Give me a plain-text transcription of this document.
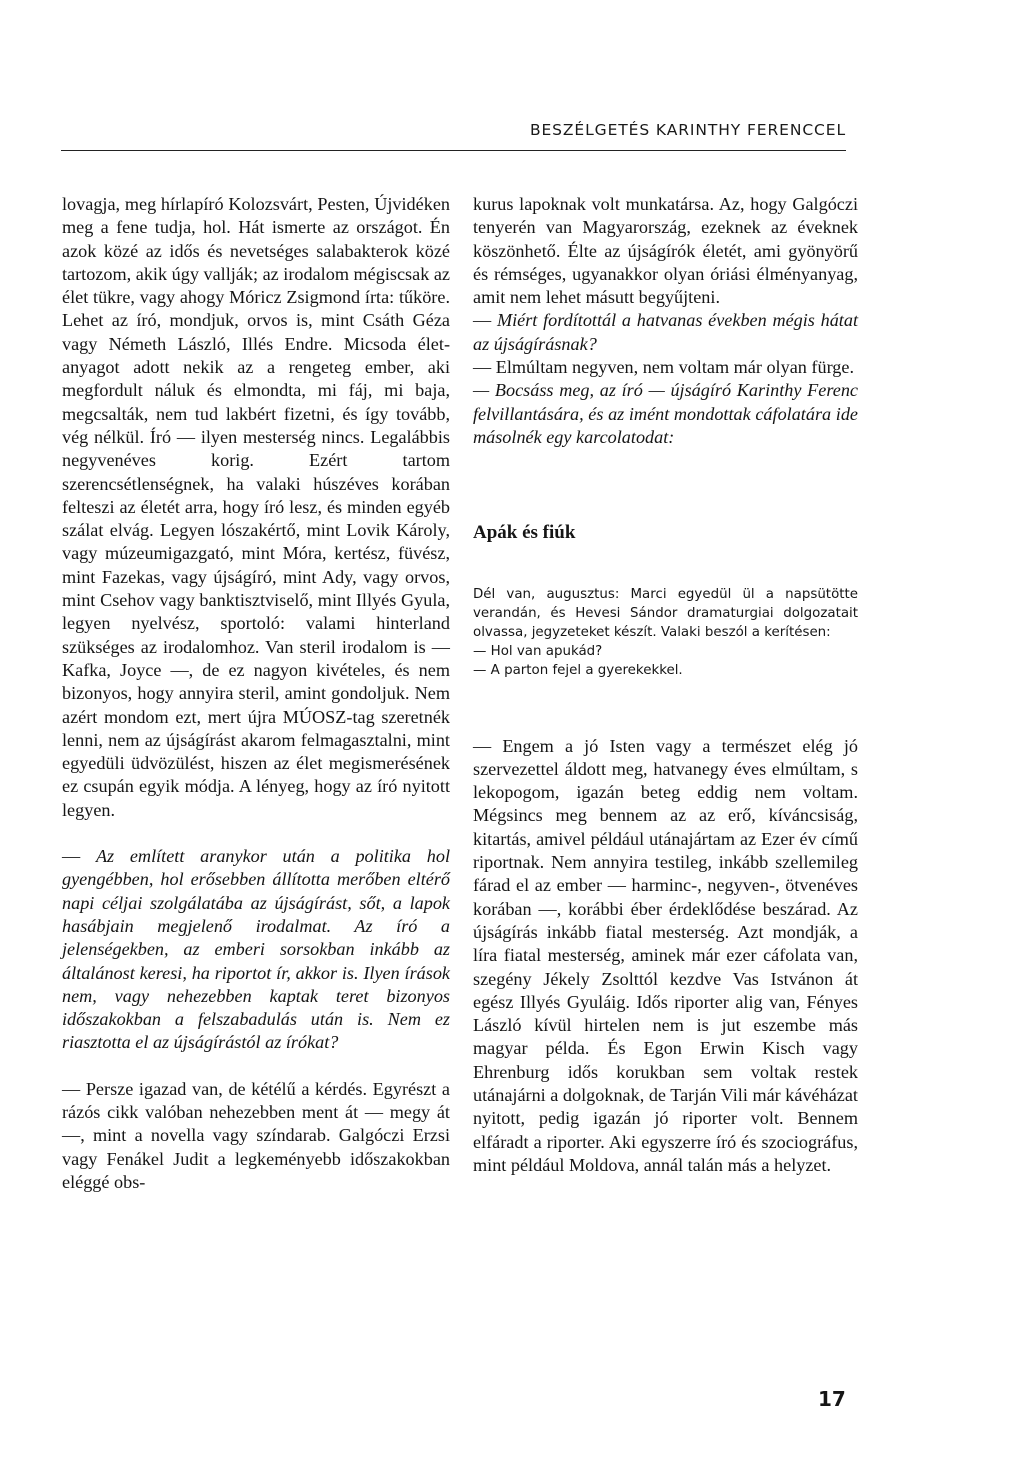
BESZÉLGETÉS KARINTHY FERENCCEL

lovagja, meg hírlapíró Kolozsvárt, Pesten, Újvidéken meg a fene tudja, hol. Hát ismerte az országot. Én azok közé az idős és nevetséges salabakterok közé tartozom, akik úgy vallják; az irodalom mégiscsak az élet tükre, vagy ahogy Móricz Zsigmond írta: tűköre. Lehet az író, mondjuk, orvos is, mint Csáth Géza vagy Németh László, Illés Endre. Micsoda életanyagot adott nekik az a rengeteg ember, aki megfordult náluk és elmondta, mi fáj, mi baja, megcsalták, nem tud lakbért fizetni, és így tovább, vég nélkül. Író — ilyen mesterség nincs. Legalábbis negyvenéves korig. Ezért tartom szerencsétlenségnek, ha valaki húszéves korában felteszi az életét arra, hogy író lesz, és minden egyéb szálat elvág. Legyen lószakértő, mint Lovik Károly, vagy múzeumigazgató, mint Móra, kertész, füvész, mint Fazekas, vagy újságíró, mint Ady, vagy orvos, mint Csehov vagy banktisztviselő, mint Illyés Gyula, legyen nyelvész, sportoló: valami hinterland szükséges az irodalomhoz. Van steril irodalom is — Kafka, Joyce —, de ez nagyon kivételes, és nem bizonyos, hogy annyira steril, amint gondoljuk. Nem azért mondom ezt, mert újra MÚOSZ-tag szeretnék lenni, nem az újságírást akarom felmagasztalni, mint egyedüli üdvözülést, hiszen az élet megismerésének ez csupán egyik módja. A lényeg, hogy az író nyitott legyen.

— Az említett aranykor után a politika hol gyengébben, hol erősebben állította merőben eltérő napi céljai szolgálatába az újságírást, sőt, a lapok hasábjain megjelenő irodalmat. Az író a jelenségekben, az emberi sorsokban inkább az általánost keresi, ha riportot ír, akkor is. Ilyen írások nem, vagy nehezebben kaptak teret bizonyos időszakokban a felszabadulás után is. Nem ez riasztotta el az újságírástól az írókat?

— Persze igazad van, de kétélű a kérdés. Egyrészt a rázós cikk valóban nehezebben ment át — megy át —, mint a novella vagy színdarab. Galgóczi Erzsi vagy Fenákel Judit a legkeményebb időszakokban eléggé obs-

kurus lapoknak volt munkatársa. Az, hogy Galgóczi tenyerén van Magyarország, ezeknek az éveknek köszönhető. Élte az újságírók életét, ami gyönyörű és rémséges, ugyanakkor olyan óriási élményanyag, amit nem lehet másutt begyűjteni.

— Miért fordítottál a hatvanas években mégis hátat az újságírásnak?

— Elmúltam negyven, nem voltam már olyan fürge.

— Bocsáss meg, az író — újságíró Karinthy Ferenc felvillantására, és az imént mondottak cáfolatára ide másolnék egy karcolatodat:

Apák és fiúk

Dél van, augusztus: Marci egyedül ül a napsütötte verandán, és Hevesi Sándor dramaturgiai dolgozatait olvassa, jegyzeteket készít. Valaki beszól a kerítésen:

— Hol van apukád?

— A parton fejel a gyerekekkel.

— Engem a jó Isten vagy a természet elég jó szervezettel áldott meg, hatvanegy éves elmúltam, s lekopogom, igazán beteg eddig nem voltam. Mégsincs meg bennem az az erő, kíváncsiság, kitartás, amivel például utánajártam az Ezer év című riportnak. Nem annyira testileg, inkább szellemileg fárad el az ember — harminc-, negyven-, ötvenéves korában —, korábbi éber érdeklődése beszárad. Az újságírás inkább fiatal mesterség. Azt mondják, a líra fiatal mesterség, aminek már ezer cáfolata van, szegény Jékely Zsolttól kezdve Vas Istvánon át egész Illyés Gyuláig. Idős riporter alig van, Fényes László kívül hirtelen nem is jut eszembe más magyar példa. És Egon Erwin Kisch vagy Ehrenburg idős korukban sem voltak restek utánajárni a dolgoknak, de Tarján Vili már kávéházat nyitott, pedig igazán jó riporter volt. Bennem elfáradt a riporter. Aki egyszerre író és szociográfus, mint például Moldova, annál talán más a helyzet.

17
